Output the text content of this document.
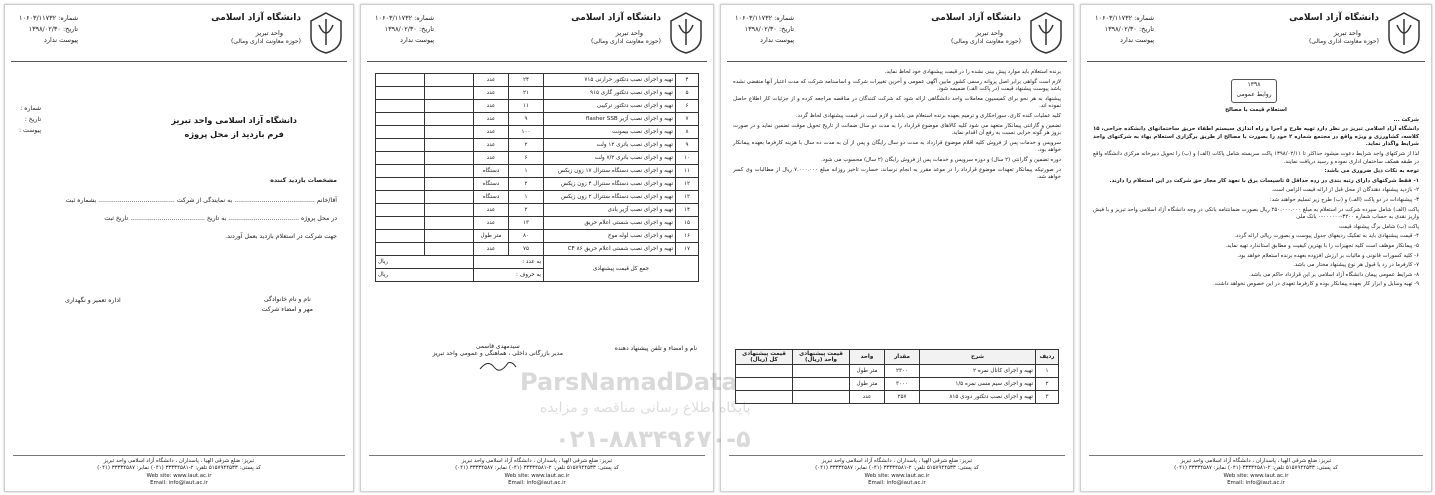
دانشگاه آزاد اسلامی
واحد تبریز
(حوزه معاونت اداری ومالی)
شماره: ۱۰۶۰۳/۱۱۷۳۲
تاریخ: ۱۳۹۸/۰۲/۳۰
پیوست ندارد
۱۳۹۸
روابط عمومی

استعلام قیمت با مصالح

شرکت ...

دانشگاه آزاد اسلامی تبریز در نظر دارد تهیه طرح و اجرا و راه اندازی سیستم اطفاء حریق ساختمانهای دانشکده جراحی، ۱۵ کلاسه، کشاورزی و ویژه واقع در مجتمع شماره ۲ خود را بصورت با مصالح از طریق برگزاری استعلام بهاء به شرکتهای واجد شرایط واگذار نماید.

لذا از شرکتهای واجد شرایط دعوت میشود حداکثر تا ۱۳۹۸/۰۲/۱۱ پاکت سربسته شامل پاکات (الف) و (ب) را تحویل دبیرخانه مرکزی دانشگاه واقع در طبقه همکف ساختمان اداری نموده و رسید دریافت نمایند.

توجه به نکات ذیل ضروری می باشد:

۱- فقط شرکتهای دارای رتبه بندی در رده حداقل ۵ تاسیسات برق با تعهد کار مجاز حق شرکت در این استعلام را دارند.

۲- بازدید پیشنهاد دهندگان از محل قبل از ارائه قیمت الزامی است.

۳- پیشنهادات در دو پاکت (الف) و (ب) طرح زیر تسلیم خواهند شد:

پاکت (الف) شامل سپرده شرکت در استعلام به مبلغ ۲۵۰.۰۰۰.۰۰۰ ریال بصورت ضمانتنامه بانکی در وجه دانشگاه آزاد اسلامی واحد تبریز و یا فیش واریز نقدی به حساب شماره ۳۲۰۰-۰۰۰۰۰۰-۰ بانک ملی

پاکت (ب) شامل برگ پیشنهاد قیمت

۴- قیمت پیشنهادی باید به تفکیک ردیفهای جدول پیوست و بصورت ریالی ارائه گردد.

۵- پیمانکار موظف است کلیه تجهیزات را با بهترین کیفیت و مطابق استاندارد تهیه نماید.

۶- کلیه کسورات قانونی و مالیات بر ارزش افزوده بعهده برنده استعلام خواهد بود.

۷- کارفرما در رد یا قبول هر نوع پیشنهاد مختار می باشد.

۸- شرایط عمومی پیمان دانشگاه آزاد اسلامی بر این قرارداد حاکم می باشد.

۹- تهیه وسایل و ابزار کار بعهده پیمانکار بوده و کارفرما تعهدی در این خصوص نخواهد داشت.

تبریز: ضلع شرقی الهیا ، پاسداران ، دانشگاه آزاد اسلامی واحد تبریز
کد پستی: ۵۱۵۷۹۴۴۵۳۳ تلفن: ۲-۳۳۳۳۴۵۸۱ (۰۴۱) نمابر: ۳۳۳۳۴۵۸۷ (۰۴۱)
Web site: www.iaut.ac.ir
Email: info@iaut.ac.ir
دانشگاه آزاد اسلامی
واحد تبریز
(حوزه معاونت اداری ومالی)
شماره: ۱۰۶۰۳/۱۱۷۳۲
تاریخ: ۱۳۹۸/۰۲/۳۰
پیوست ندارد

برنده استعلام باید موارد پیش بینی نشده را در قیمت پیشنهادی خود لحاظ نماید.

لازم است گواهی برابر اصل پروانه رسمی کشور مابین آگهی عمومی و آخرین تغییرات شرکت و اساسنامه شرکت که مدت اعتبار آنها منقضی نشده باشد پیوست پیشنهاد قیمت (در پاکت الف) ضمیمه شود.

پیشنهاد به هر نحو برای کمیسیون معاملات واحد دانشگاهی ارائه شود که شرکت کنندگان در مناقصه مراجعه کرده و از جزئیات کار اطلاع حاصل نموده اند.

کلیه عملیات کنده کاری، سوراخکاری و ترمیم بعهده برنده استعلام می باشد و لازم است در قیمت پیشنهادی لحاظ گردد.

تضمین و گارانتی پیمانکار متعهد می شود کلیه کالاهای موضوع قرارداد را به مدت دو سال ضمانت از تاریخ تحویل موقت تضمین نماید و در صورت بروز هر گونه خرابی نسبت به رفع آن اقدام نماید.

سرویس و خدمات پس از فروش کلیه اقلام موضوع قرارداد به مدت دو سال رایگان و پس از آن به مدت ده سال با هزینه کارفرما بعهده پیمانکار خواهد بود.

دوره تضمین و گارانتی (۲ سال) و دوره سرویس و خدمات پس از فروش رایگان (۲ سال) محسوب می شود.

در صورتیکه پیمانکار تعهدات موضوع قرارداد را در موعد مقرر به انجام نرساند، خسارت تاخیر روزانه مبلغ ۷.۰۰۰.۰۰۰ ریال از مطالبات وی کسر خواهد شد.

ردیف	شرح	مقدار	واحد	قیمت پیشنهادی واحد (ریال)	قیمت پیشنهادی کل (ریال)
۱	تهیه و اجرای کانال نمره ۲	۲۳۰۰	متر طول		
۲	تهیه و اجرای سیم مسی نمره ۱/۵	۳۰۰۰	متر طول		
۳	تهیه و اجرای نصب دتکتور دودی ۸۱۵	۲۵۷	عدد		
تبریز: ضلع شرقی الهیا ، پاسداران ، دانشگاه آزاد اسلامی واحد تبریز
کد پستی: ۵۱۵۷۹۴۴۵۳۳ تلفن: ۲-۳۳۳۳۴۵۸۱ (۰۴۱) نمابر: ۳۳۳۳۴۵۸۷ (۰۴۱)
Web site: www.iaut.ac.ir
Email: info@iaut.ac.ir
دانشگاه آزاد اسلامی
واحد تبریز
(حوزه معاونت اداری ومالی)
شماره: ۱۰۶۰۳/۱۱۷۳۲
تاریخ: ۱۳۹۸/۰۲/۳۰
پیوست ندارد
۴	تهیه و اجرای نصب دتکتور حرارتی ۷۱۵	۲۴	عدد		
۵	تهیه و اجرای نصب دتکتور گازی ۹۱۵	۲۱	عدد		
۶	تهیه و اجرای نصب دتکتور ترکیبی	۱۱	عدد		
۷	تهیه و اجرای نصب آژیر flasher SSB	۹	عدد		
۸	تهیه و اجرای نصب بیمونت	۱۰۰	عدد		
۹	تهیه و اجرای نصب باتری ۱۲ ولت	۲	عدد		
۱۰	تهیه و اجرای نصب باتری ۷/۲ ولت	۶	عدد		
۱۱	تهیه و اجرای نصب دستگاه سنترال ۱۷ زون زیکس	۱	دستگاه		
۱۲	تهیه و اجرای نصب دستگاه سنترال ۴ زون زیکس	۲	دستگاه		
۱۳	تهیه و اجرای نصب دستگاه سنترال ۲ زون زیکس	۱	دستگاه		
۱۴	تهیه و اجرای نصب آژیر بادی	۲	عدد		
۱۵	تهیه و اجرای نصب شستی اعلام حریق	۱۳	عدد		
۱۶	تهیه و اجرای نصب لوله موج	۸۰	متر طول		
۱۷	تهیه و اجرای نصب شستی اعلام حریق CF ۸۶	۷۵	عدد		
جمع کل قیمت پیشنهادی		به عدد :		ریال	
		به حروف :		ریال	
سیدمهدی قاسمی
مدیر بازرگانی داخلی ، هماهنگی و عمومی واحد تبریز
نام و امضاء و تلفن پیشنهاد دهنده
تبریز: ضلع شرقی الهیا ، پاسداران ، دانشگاه آزاد اسلامی واحد تبریز
کد پستی: ۵۱۵۷۹۴۴۵۳۳ تلفن: ۲-۳۳۳۳۴۵۸۱ (۰۴۱) نمابر: ۳۳۳۳۴۵۸۷ (۰۴۱)
Web site: www.iaut.ac.ir
Email: info@iaut.ac.ir
دانشگاه آزاد اسلامی
واحد تبریز
(حوزه معاونت اداری ومالی)
شماره: ۱۰۶۰۳/۱۱۷۳۲
تاریخ: ۱۳۹۸/۰۲/۳۰
پیوست ندارد
شماره :
تاریخ :
پیوست :
دانشگاه آزاد اسلامی واحد تبریز
فرم بازدید از محل پروژه
مشخصات بازدید کننده
آقا/خانم ......................................... به نمایندگی از شرکت ....................................... بشماره ثبت
در محل پروژه .................................... به تاریخ ...................................... تاریخ ثبت
جهت شرکت در استعلام بازدید بعمل آوردند.
اداره تعمیر و نگهداری	نام و نام خانوادگی
مهر و امضاء شرکت
تبریز: ضلع شرقی الهیا ، پاسداران ، دانشگاه آزاد اسلامی واحد تبریز
کد پستی: ۵۱۵۷۹۴۴۵۳۳ تلفن: ۲-۳۳۳۳۴۵۸۱ (۰۴۱) نمابر: ۳۳۳۳۴۵۸۷ (۰۴۱)
Web site: www.iaut.ac.ir
Email: info@iaut.ac.ir
ParsNamadData
پایگاه اطلاع رسانی مناقصه و مزایده
۰۲۱-۸۸۳۴۹۶۷۰-۵
